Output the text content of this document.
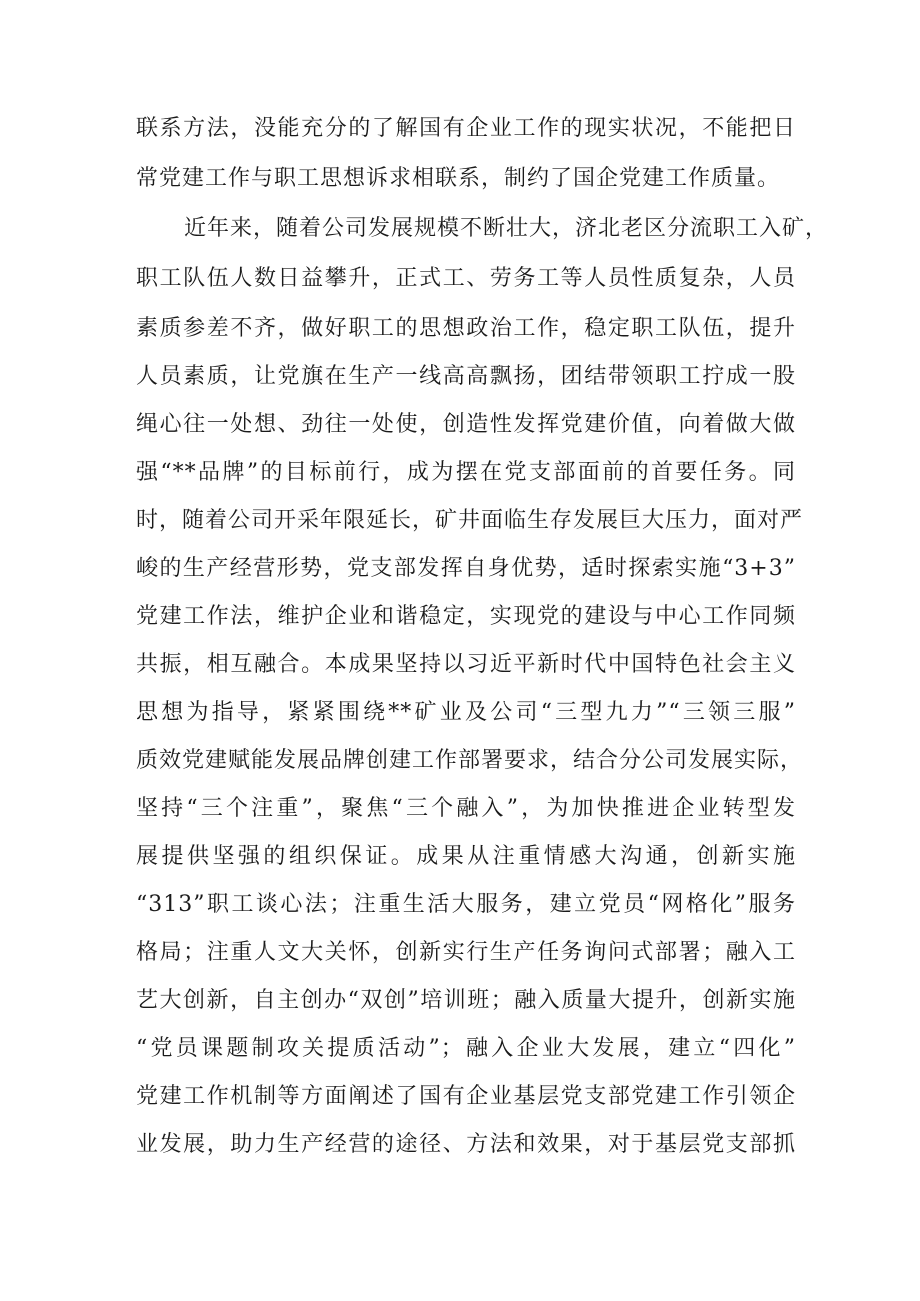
联系方法，没能充分的了解国有企业工作的现实状况，不能把日
常党建工作与职工思想诉求相联系，制约了国企党建工作质量。
近年来，随着公司发展规模不断壮大，济北老区分流职工入矿，
职工队伍人数日益攀升，正式工、劳务工等人员性质复杂，人员
素质参差不齐，做好职工的思想政治工作，稳定职工队伍，提升
人员素质，让党旗在生产一线高高飘扬，团结带领职工拧成一股
绳心往一处想、劲往一处使，创造性发挥党建价值，向着做大做
强“**品牌”的目标前行，成为摆在党支部面前的首要任务。同
时，随着公司开采年限延长，矿井面临生存发展巨大压力，面对严
峻的生产经营形势，党支部发挥自身优势，适时探索实施“3+3”
党建工作法，维护企业和谐稳定，实现党的建设与中心工作同频
共振，相互融合。本成果坚持以习近平新时代中国特色社会主义
思想为指导，紧紧围绕**矿业及公司“三型九力”“三领三服”
质效党建赋能发展品牌创建工作部署要求，结合分公司发展实际，
坚持“三个注重”，聚焦“三个融入”，为加快推进企业转型发
展提供坚强的组织保证。成果从注重情感大沟通，创新实施
“313”职工谈心法；注重生活大服务，建立党员“网格化”服务
格局；注重人文大关怀，创新实行生产任务询问式部署；融入工
艺大创新，自主创办“双创”培训班；融入质量大提升，创新实施
“党员课题制攻关提质活动”；融入企业大发展，建立“四化”
党建工作机制等方面阐述了国有企业基层党支部党建工作引领企
业发展，助力生产经营的途径、方法和效果，对于基层党支部抓
